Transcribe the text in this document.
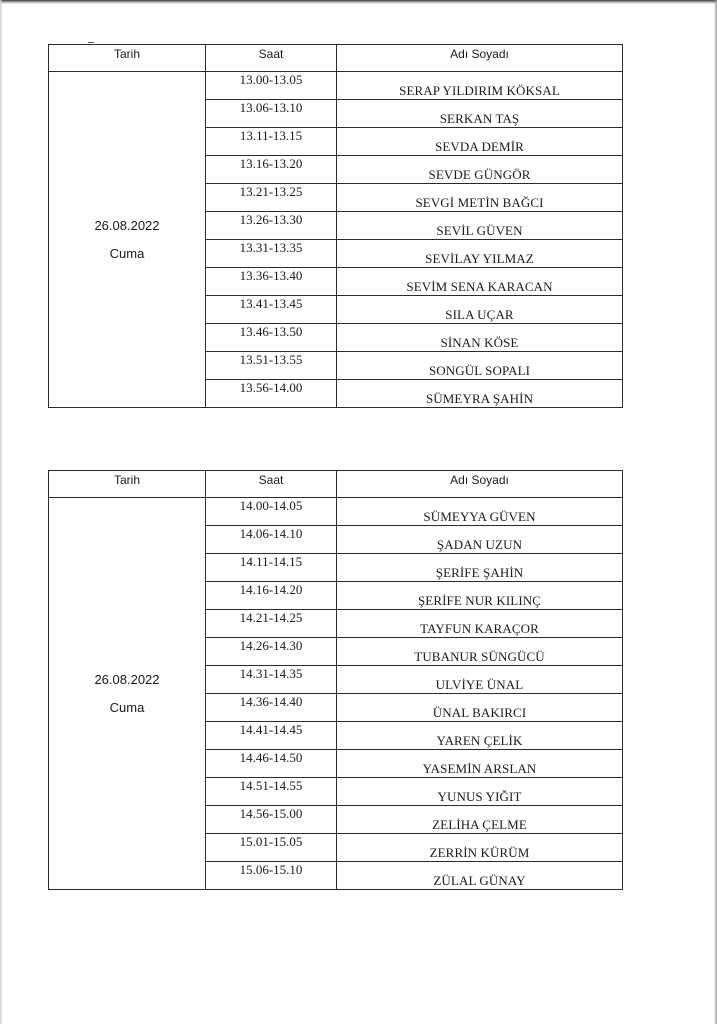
Tarih	Saat	Adı Soyadı

26.08.2022
Cuma	13.00-13.05	SERAP YILDIRIM KÖKSAL
	13.06-13.10	SERKAN TAŞ
	13.11-13.15	SEVDA DEMİR
	13.16-13.20	SEVDE GÜNGÖR
	13.21-13.25	SEVGİ METİN BAĞCI
	13.26-13.30	SEVİL GÜVEN
	13.31-13.35	SEVİLAY YILMAZ
	13.36-13.40	SEVİM SENA KARACAN
	13.41-13.45	SILA UÇAR
	13.46-13.50	SİNAN KÖSE
	13.51-13.55	SONGÜL SOPALI
	13.56-14.00	SÜMEYRA ŞAHİN
Tarih	Saat	Adı Soyadı

26.08.2022
Cuma	14.00-14.05	SÜMEYYA GÜVEN
	14.06-14.10	ŞADAN UZUN
	14.11-14.15	ŞERİFE ŞAHİN
	14.16-14.20	ŞERİFE NUR KILINÇ
	14.21-14.25	TAYFUN KARAÇOR
	14.26-14.30	TUBANUR SÜNGÜCÜ
	14.31-14.35	ULVİYE ÜNAL
	14.36-14.40	ÜNAL BAKIRCI
	14.41-14.45	YAREN ÇELİK
	14.46-14.50	YASEMİN ARSLAN
	14.51-14.55	YUNUS YIĞIT
	14.56-15.00	ZELİHA ÇELME
	15.01-15.05	ZERRİN KÜRÜM
	15.06-15.10	ZÜLAL GÜNAY
